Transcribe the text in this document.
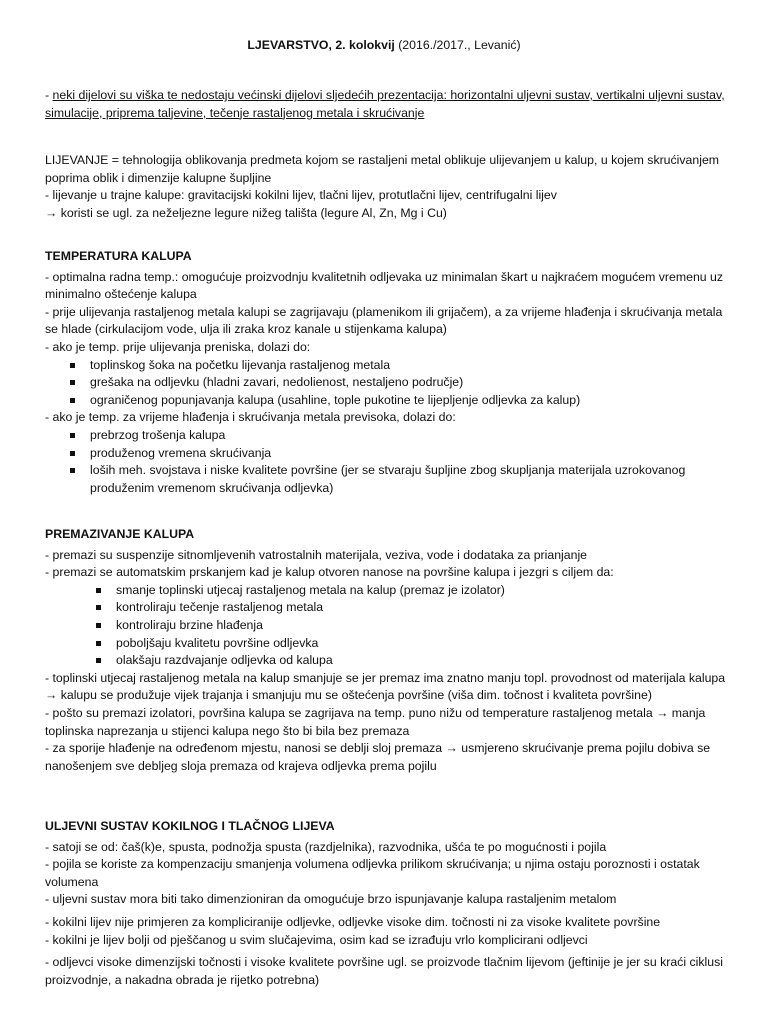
LJEVARSTVO, 2. kolokvij (2016./2017., Levanić)

- neki dijelovi su viška te nedostaju većinski dijelovi sljedećih prezentacija: horizontalni uljevni sustav, vertikalni uljevni sustav, simulacije, priprema taljevine, tečenje rastaljenog metala i skrućivanje

LIJEVANJE = tehnologija oblikovanja predmeta kojom se rastaljeni metal oblikuje ulijevanjem u kalup, u kojem skrućivanjem poprima oblik i dimenzije kalupne šupljine

- lijevanje u trajne kalupe: gravitacijski kokilni lijev, tlačni lijev, protutlačni lijev, centrifugalni lijev

→ koristi se ugl. za neželjezne legure nižeg tališta (legure Al, Zn, Mg i Cu)

TEMPERATURA KALUPA

- optimalna radna temp.: omogućuje proizvodnju kvalitetnih odljevaka uz minimalan škart u najkraćem mogućem vremenu uz minimalno oštećenje kalupa

- prije ulijevanja rastaljenog metala kalupi se zagrijavaju (plamenikom ili grijačem), a za vrijeme hlađenja i skrućivanja metala se hlade (cirkulacijom vode, ulja ili zraka kroz kanale u stijenkama kalupa)

- ako je temp. prije ulijevanja preniska, dolazi do:

toplinskog šoka na početku lijevanja rastaljenog metala
grešaka na odljevku (hladni zavari, nedolienost, nestaljeno područje)
ograničenog popunjavanja kalupa (usahline, tople pukotine te lijepljenje odljevka za kalup)

- ako je temp. za vrijeme hlađenja i skrućivanja metala previsoka, dolazi do:

prebrzog trošenja kalupa
produženog vremena skrućivanja
loših meh. svojstava i niske kvalitete površine (jer se stvaraju šupljine zbog skupljanja materijala uzrokovanog produženim vremenom skrućivanja odljevka)

PREMAZIVANJE KALUPA

- premazi su suspenzije sitnomljevenih vatrostalnih materijala, veziva, vode i dodataka za prianjanje

- premazi se automatskim prskanjem kad je kalup otvoren nanose na površine kalupa i jezgri s ciljem da:

smanje toplinski utjecaj rastaljenog metala na kalup (premaz je izolator)
kontroliraju tečenje rastaljenog metala
kontroliraju brzine hlađenja
poboljšaju kvalitetu površine odljevka
olakšaju razdvajanje odljevka od kalupa

- toplinski utjecaj rastaljenog metala na kalup smanjuje se jer premaz ima znatno manju topl. provodnost od materijala kalupa → kalupu se produžuje vijek trajanja i smanjuju mu se oštećenja površine (viša dim. točnost i kvaliteta površine)

- pošto su premazi izolatori, površina kalupa se zagrijava na temp. puno nižu od temperature rastaljenog metala → manja toplinska naprezanja u stijenci kalupa nego što bi bila bez premaza

- za sporije hlađenje na određenom mjestu, nanosi se deblji sloj premaza → usmjereno skrućivanje prema pojilu dobiva se nanošenjem sve debljeg sloja premaza od krajeva odljevka prema pojilu

ULJEVNI SUSTAV KOKILNOG I TLAČNOG LIJEVA

- satoji se od: čaš(k)e, spusta, podnožja spusta (razdjelnika), razvodnika, ušća te po mogućnosti i pojila

- pojila se koriste za kompenzaciju smanjenja volumena odljevka prilikom skrućivanja; u njima ostaju poroznosti i ostatak volumena

- uljevni sustav mora biti tako dimenzioniran da omogućuje brzo ispunjavanje kalupa rastaljenim metalom

- kokilni lijev nije primjeren za kompliciranije odljevke, odljevke visoke dim. točnosti ni za visoke kvalitete površine

- kokilni je lijev bolji od pješčanog u svim slučajevima, osim kad se izrađuju vrlo komplicirani odljevci

- odljevci visoke dimenzijski točnosti i visoke kvalitete površine ugl. se proizvode tlačnim lijevom (jeftinije je jer su kraći ciklusi proizvodnje, a nakadna obrada je rijetko potrebna)
